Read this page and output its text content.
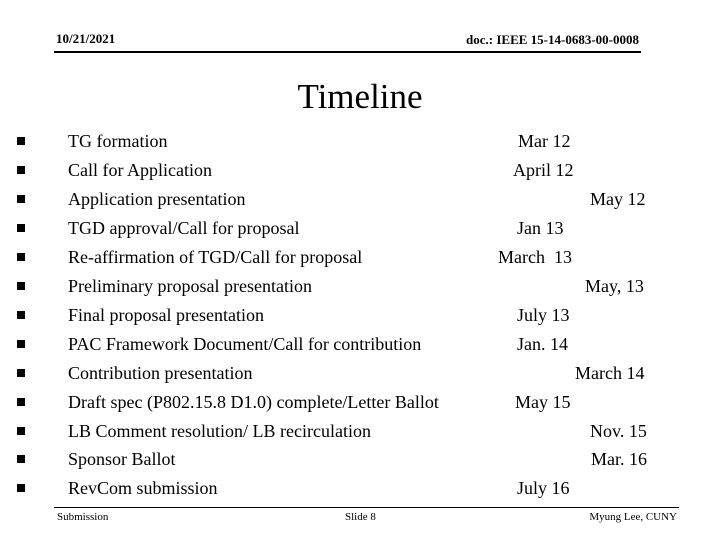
10/21/2021	doc.: IEEE 15-14-0683-00-0008
Timeline
TG formation	Mar 12
Call for Application	April 12
Application presentation	May 12
TGD approval/Call for proposal	Jan 13
Re-affirmation of TGD/Call for proposal	March  13
Preliminary proposal presentation	May, 13
Final proposal presentation	July 13
PAC Framework Document/Call for contribution	Jan. 14
Contribution presentation	March 14
Draft spec (P802.15.8 D1.0) complete/Letter Ballot	May 15
LB Comment resolution/ LB recirculation	Nov. 15
Sponsor Ballot	Mar. 16
RevCom submission	July 16
Submission	Slide 8	Myung Lee, CUNY
